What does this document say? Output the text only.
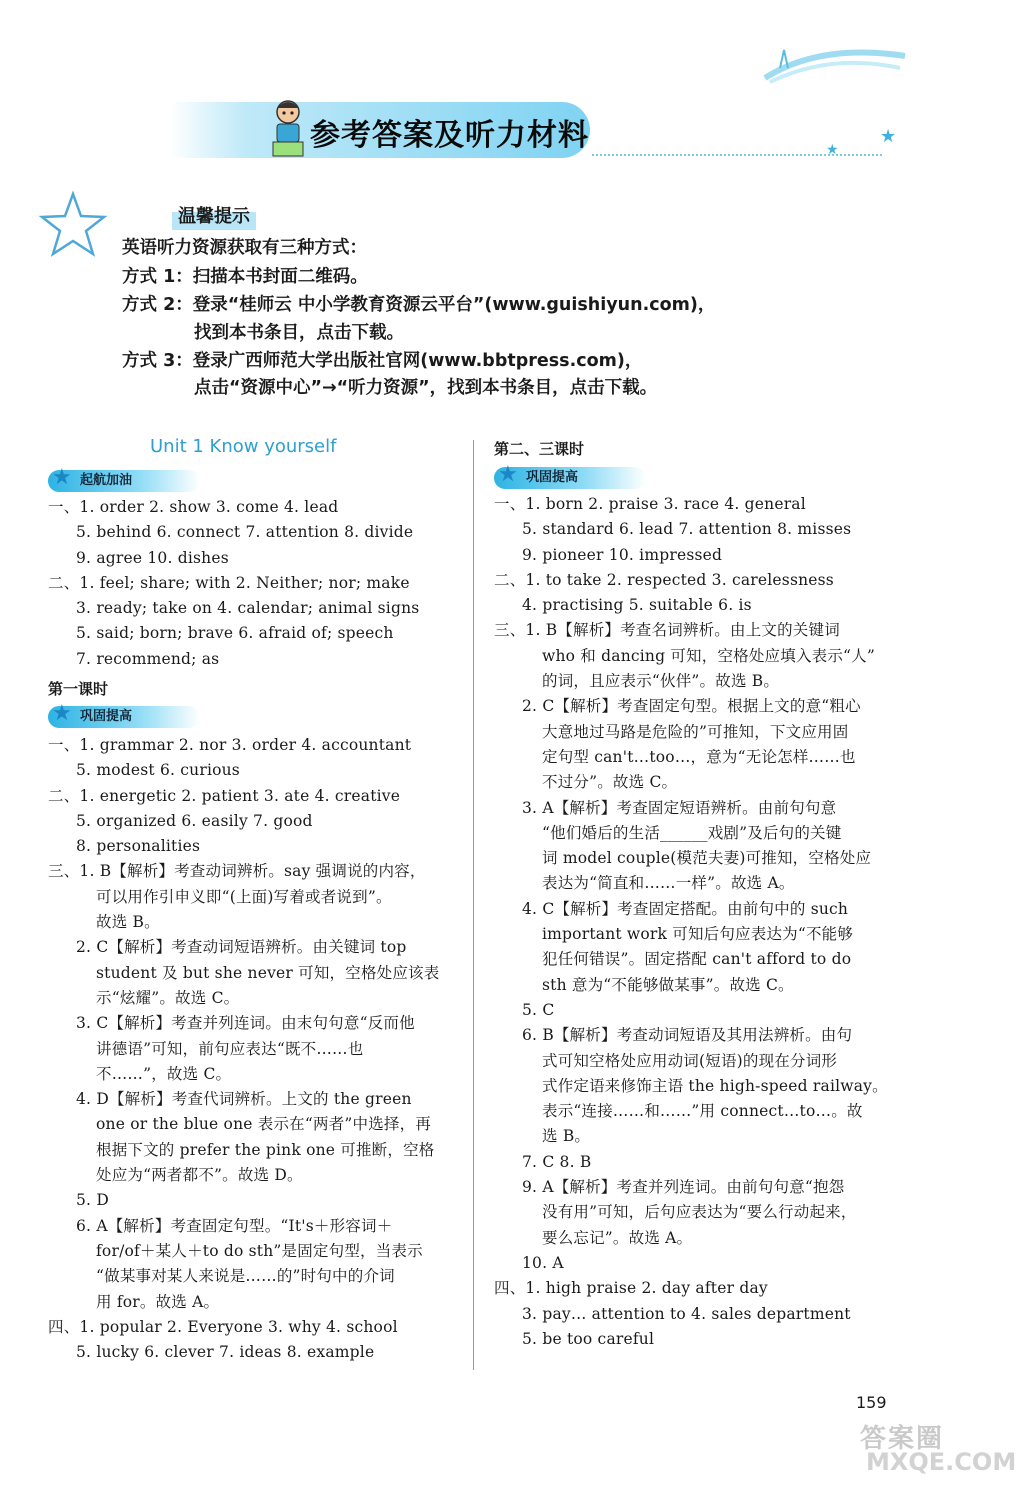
参考答案及听力材料	★
★
温馨提示
英语听力资源获取有三种方式：
方式 1：扫描本书封面二维码。
方式 2：登录“桂师云 中小学教育资源云平台”(www.guishiyun.com)，
找到本书条目，点击下载。
方式 3：登录广西师范大学出版社官网(www.bbtpress.com)，
点击“资源中心”→“听力资源”，找到本书条目，点击下载。
Unit 1 Know yourself
★ 起航加油
一、1. order 2. show 3. come 4. lead
5. behind 6. connect 7. attention 8. divide
9. agree 10. dishes
二、1. feel; share; with 2. Neither; nor; make
3. ready; take on 4. calendar; animal signs
5. said; born; brave 6. afraid of; speech
7. recommend; as
第一课时
★ 巩固提高
一、1. grammar 2. nor 3. order 4. accountant
5. modest 6. curious
二、1. energetic 2. patient 3. ate 4. creative
5. organized 6. easily 7. good
8. personalities
三、1. B【解析】考查动词辨析。say 强调说的内容，
可以用作引申义即“(上面)写着或者说到”。
故选 B。
2. C【解析】考查动词短语辨析。由关键词 top
student 及 but she never 可知，空格处应该表
示“炫耀”。故选 C。
3. C【解析】考查并列连词。由末句句意“反而他
讲德语”可知，前句应表达“既不……也
不……”，故选 C。
4. D【解析】考查代词辨析。上文的 the green
one or the blue one 表示在“两者”中选择，再
根据下文的 prefer the pink one 可推断，空格
处应为“两者都不”。故选 D。
5. D
6. A【解析】考查固定句型。“It's＋形容词＋
for/of＋某人＋to do sth”是固定句型，当表示
“做某事对某人来说是……的”时句中的介词
用 for。故选 A。
四、1. popular 2. Everyone 3. why 4. school
5. lucky 6. clever 7. ideas 8. example
第二、三课时
★ 巩固提高
一、1. born 2. praise 3. race 4. general
5. standard 6. lead 7. attention 8. misses
9. pioneer 10. impressed
二、1. to take 2. respected 3. carelessness
4. practising 5. suitable 6. is
三、1. B【解析】考查名词辨析。由上文的关键词
who 和 dancing 可知，空格处应填入表示“人”
的词，且应表示“伙伴”。故选 B。
2. C【解析】考查固定句型。根据上文的意“粗心
大意地过马路是危险的”可推知，下文应用固
定句型 can't…too…，意为“无论怎样……也
不过分”。故选 C。
3. A【解析】考查固定短语辨析。由前句句意
“他们婚后的生活______戏剧”及后句的关键
词 model couple(模范夫妻)可推知，空格处应
表达为“简直和……一样”。故选 A。
4. C【解析】考查固定搭配。由前句中的 such
important work 可知后句应表达为“不能够
犯任何错误”。固定搭配 can't afford to do
sth 意为“不能够做某事”。故选 C。
5. C
6. B【解析】考查动词短语及其用法辨析。由句
式可知空格处应用动词(短语)的现在分词形
式作定语来修饰主语 the high-speed railway。
表示“连接……和……”用 connect…to…。故
选 B。
7. C 8. B
9. A【解析】考查并列连词。由前句句意“抱怨
没有用”可知，后句应表达为“要么行动起来，
要么忘记”。故选 A。
10. A
四、1. high praise 2. day after day
3. pay… attention to 4. sales department
5. be too careful
159
答案圈
MXQE.COM
